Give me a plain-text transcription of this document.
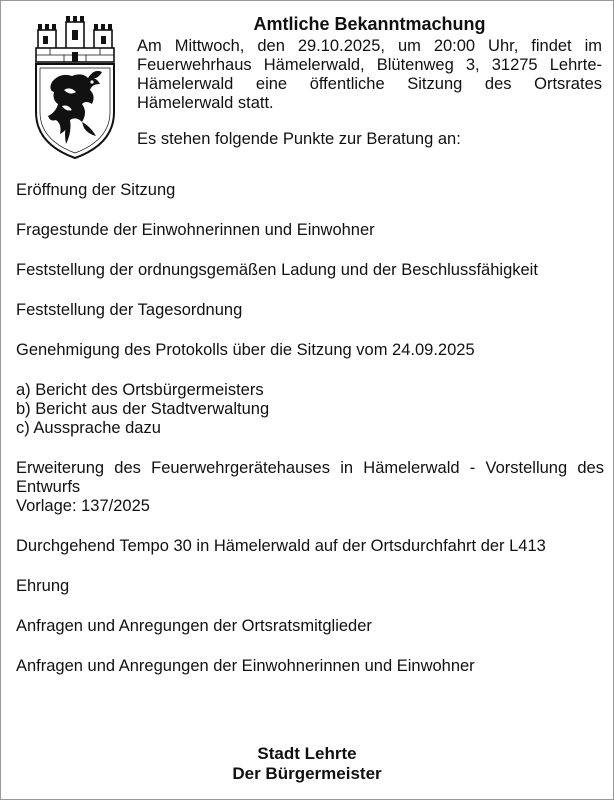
Amtliche Bekanntmachung

Am Mittwoch, den 29.10.2025, um 20:00 Uhr, findet im Feuerwehrhaus Hämelerwald, Blütenweg 3, 31275 Lehrte-Hämelerwald eine öffentliche Sitzung des Ortsrates Hämelerwald statt.

Es stehen folgende Punkte zur Beratung an:

Eröffnung der Sitzung
Fragestunde der Einwohnerinnen und Einwohner
Feststellung der ordnungsgemäßen Ladung und der Beschlussfähigkeit
Feststellung der Tagesordnung
Genehmigung des Protokolls über die Sitzung vom 24.09.2025
a) Bericht des Ortsbürgermeisters
b) Bericht aus der Stadtverwaltung
c) Aussprache dazu
Erweiterung des Feuerwehrgerätehauses in Hämelerwald - Vorstellung des Entwurfs
Vorlage: 137/2025
Durchgehend Tempo 30 in Hämelerwald auf der Ortsdurchfahrt der L413
Ehrung
Anfragen und Anregungen der Ortsratsmitglieder
Anfragen und Anregungen der Einwohnerinnen und Einwohner
Stadt Lehrte
Der Bürgermeister
